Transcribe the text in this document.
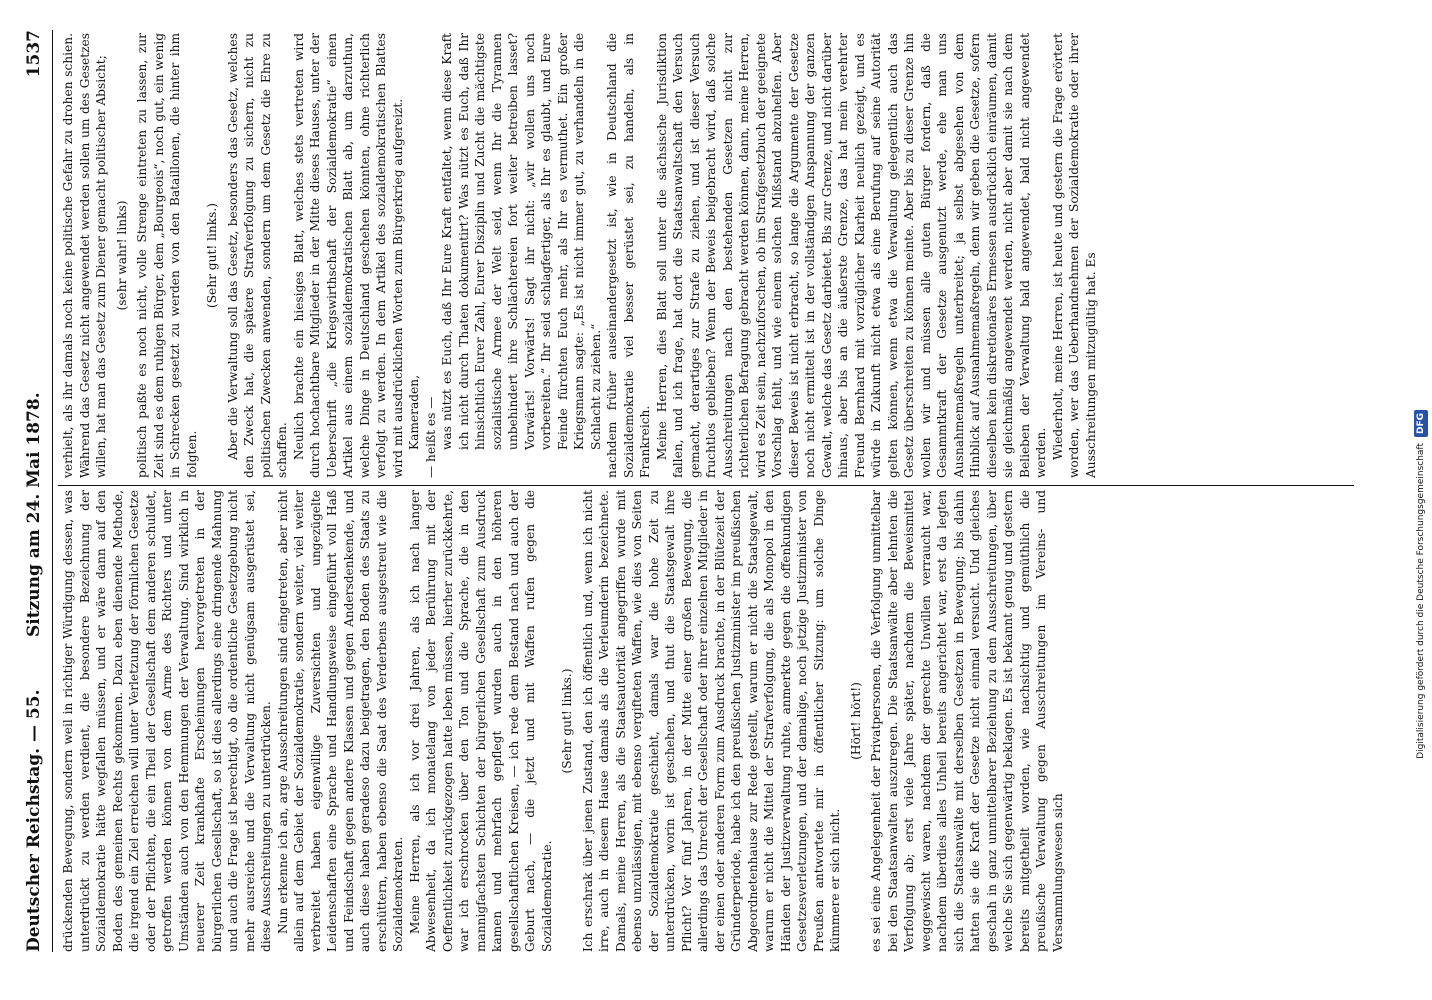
Deutscher Reichstag. — 55.
Sitzung am 24. Mai 1878.
1537

drückenden Bewegung, sondern weil in richtiger Würdigung dessen, was unterdrückt zu werden verdient, die besondere Bezeichnung der Sozialdemokratie hätte wegfallen müssen, und er wäre dann auf den Boden des gemeinen Rechts gekommen. Dazu eben dienende Methode, die irgend ein Ziel erreichen will unter Verletzung der förmlichen Gesetze oder der Pflichten, die ein Theil der Gesellschaft dem anderen schuldet, getroffen werden können von dem Arme des Richters und unter Umständen auch von den Hemmungen der Verwaltung. Sind wirklich in neuerer Zeit krankhafte Erscheinungen hervorgetreten in der bürgerlichen Gesellschaft, so ist dies allerdings eine dringende Mahnung und auch die Frage ist berechtigt, ob die ordentliche Gesetzgebung nicht mehr ausreiche und die Verwaltung nicht genügsam ausgerüstet sei, diese Ausschreitungen zu unterdrücken. Nun erkenne ich an, arge Ausschreitungen sind eingetreten, aber nicht allein auf dem Gebiet der Sozialdemokratie, sondern weiter, viel weiter verbreitet haben eigenwillige Zuversichten und ungezügelte Leidenschaften eine Sprache und Handlungsweise eingeführt voll Haß und Feindschaft gegen andere Klassen und gegen Andersdenkende, und auch diese haben geradeso dazu beigetragen, den Boden des Staats zu erschüttern, haben ebenso die Saat des Verderbens ausgestreut wie die Sozialdemokraten. Meine Herren, als ich vor drei Jahren, als ich nach langer Abwesenheit, da ich monatelang von jeder Berührung mit der Oeffentlichkeit zurückgezogen hatte leben müssen, hierher zurückkehrte, war ich erschrocken über den Ton und die Sprache, die in den mannigfachsten Schichten der bürgerlichen Gesellschaft zum Ausdruck kamen und mehrfach gepflegt wurden auch in den höheren gesellschaftlichen Kreisen, — ich rede dem Bestand nach und auch der Geburt nach, — die jetzt und mit Waffen rufen gegen die Sozialdemokratie.

(Sehr gut! links.) Ich erschrak über jenen Zustand, den ich öffentlich und, wenn ich nicht irre, auch in diesem Hause damals als die Verleumderin bezeichnete. Damals, meine Herren, als die Staatsautorität angegriffen wurde mit ebenso unzulässigen, mit ebenso vergifteten Waffen, wie dies von Seiten der Sozialdemokratie geschieht, damals war die hohe Zeit zu unterdrücken, worin ist geschehen, und thut die Staatsgewalt ihre Pflicht? Vor fünf Jahren, in der Mitte einer großen Bewegung, die allerdings das Unrecht der Gesellschaft oder ihrer einzelnen Mitglieder in der einen oder anderen Form zum Ausdruck brachte, in der Blütezeit der Gründerperiode, habe ich den preußischen Justizminister im preußischen Abgeordnetenhause zur Rede gestellt, warum er nicht die Staatsgewalt, warum er nicht die Mittel der Strafverfolgung, die als Monopol in den Händen der Justizverwaltung ruhte, anmerkte gegen die offenkundigen Gesetzesverletzungen, und der damalige, noch jetzige Justizminister von Preußen antwortete mir in öffentlicher Sitzung: um solche Dinge kümmere er sich nicht.

(Hört! hört!) es sei eine Angelegenheit der Privatpersonen, die Verfolgung unmittelbar bei den Staatsanwalten auszuregen. Die Staatsanwälte aber lehnten die Verfolgung ab; erst viele Jahre später, nachdem die Beweismittel weggewischt waren, nachdem der gerechte Unwillen verraucht war, nachdem überdies alles Unheil bereits angerichtet war, erst da legten sich die Staatsanwälte mit derselben Gesetzen in Bewegung; bis dahin hatten sie die Kraft der Gesetze nicht einmal versucht. Und gleiches geschah in ganz unmittelbarer Beziehung zu dem Ausschreitungen, über welche Sie sich gegenwärtig beklagen. Es ist bekannt genug und gestern bereits mitgetheilt worden, wie nachsichtig und gemüthlich die preußische Verwaltung gegen Ausschreitungen im Vereins- und Versammlungswesen sich

verhielt, als ihr damals noch keine politische Gefahr zu drohen schien. Während das Gesetz nicht angewendet werden sollen um des Gesetzes willen, hat man das Gesetz zum Diener gemacht politischer Absicht; (sehr wahr! links) politisch paßte es noch nicht, volle Strenge eintreten zu lassen, zur Zeit sind es dem ruhigen Bürger, dem „Bourgeois“, noch gut, ein wenig in Schrecken gesetzt zu werden von den Bataillonen, die hinter ihm folgten.

(Sehr gut! links.) Aber die Verwaltung soll das Gesetz, besonders das Gesetz, welches den Zweck hat, die spätere Strafverfolgung zu sichern, nicht zu politischen Zwecken anwenden, sondern um dem Gesetz die Ehre zu schaffen. Neulich brachte ein hiesiges Blatt, welches stets vertreten wird durch hochachtbare Mitglieder in der Mitte dieses Hauses, unter der Ueberschrift „die Kriegswirthschaft der Sozialdemokratie“ einen Artikel aus einem sozialdemokratischen Blatt ab, um darzuthun, welche Dinge in Deutschland geschehen könnten, ohne richterlich verfolgt zu werden. In dem Artikel des sozialdemokratischen Blattes wird mit ausdrücklichen Worten zum Bürgerkrieg aufgereizt. Kameraden, — heißt es — was nützt es Euch, daß Ihr Eure Kraft entfaltet, wenn diese Kraft ich nicht durch Thaten dokumentirt? Was nützt es Euch, daß Ihr hinsichtlich Eurer Zahl, Eurer Disziplin und Zucht die mächtigste sozialistische Armee der Welt seid, wenn Ihr die Tyrannen unbehindert ihre Schlächtereien fort weiter betreiben lasset? Vorwärts! Vorwärts! Sagt ihr nicht: „wir wollen uns noch vorbereiten.“ Ihr seid schlagfertiger, als Ihr es glaubt, und Eure Feinde fürchten Euch mehr, als Ihr es vermuthet. Ein großer Kriegsmann sagte: „Es ist nicht immer gut, zu verhandeln in die Schlacht zu ziehen.“ nachdem früher auseinandergesetzt ist, wie in Deutschland die Sozialdemokratie viel besser gerüstet sei, zu handeln, als in Frankreich. Meine Herren, dies Blatt soll unter die sächsische Jurisdiktion fallen, und ich frage, hat dort die Staatsanwaltschaft den Versuch gemacht, derartiges zur Strafe zu ziehen, und ist dieser Versuch fruchtlos geblieben? Wenn der Beweis beigebracht wird, daß solche Ausschreitungen nach den bestehenden Gesetzen nicht zur richterlichen Befragung gebracht werden können, dann, meine Herren, wird es Zeit sein, nachzuforschen, ob im Strafgesetzbuch der geeignete Vorschlag fehlt, und wie einem solchen Mißstand abzuhelfen. Aber dieser Beweis ist nicht erbracht, so lange die Argumente der Gesetze noch nicht ermittelt ist in der vollständigen Anspannung der ganzen Gewalt, welche das Gesetz darbietet. Bis zur Grenze, und nicht darüber hinaus, aber bis an die äußerste Grenze, das hat mein verehrter Freund Bernhard mit vorzüglicher Klarheit neulich gezeigt, und es würde in Zukunft nicht etwa als eine Berufung auf seine Autorität gelten können, wenn etwa die Verwaltung gelegentlich auch das Gesetz überschreiten zu können meinte. Aber bis zu dieser Grenze hin wollen wir und müssen alle guten Bürger fordern, daß die Gesammtkraft der Gesetze ausgenutzt werde, ehe man uns Ausnahmemaßregeln unterbreitet; ja selbst abgesehen von dem Hinblick auf Ausnahmemaßregeln, denn wir geben die Gesetze, sofern dieselben kein diskretionäres Ermessen ausdrücklich einräumen, damit sie gleichmäßig angewendet werden, nicht aber damit sie nach dem Belieben der Verwaltung bald angewendet, bald nicht angewendet werden. Wiederholt, meine Herren, ist heute und gestern die Frage erörtert worden, wer das Ueberhandnehmen der Sozialdemokratie oder ihrer Ausschreitungen mitzugültig hat. Es

Digitalisierung gefördert durch die Deutsche ForschungsgemeinschaftDFG
